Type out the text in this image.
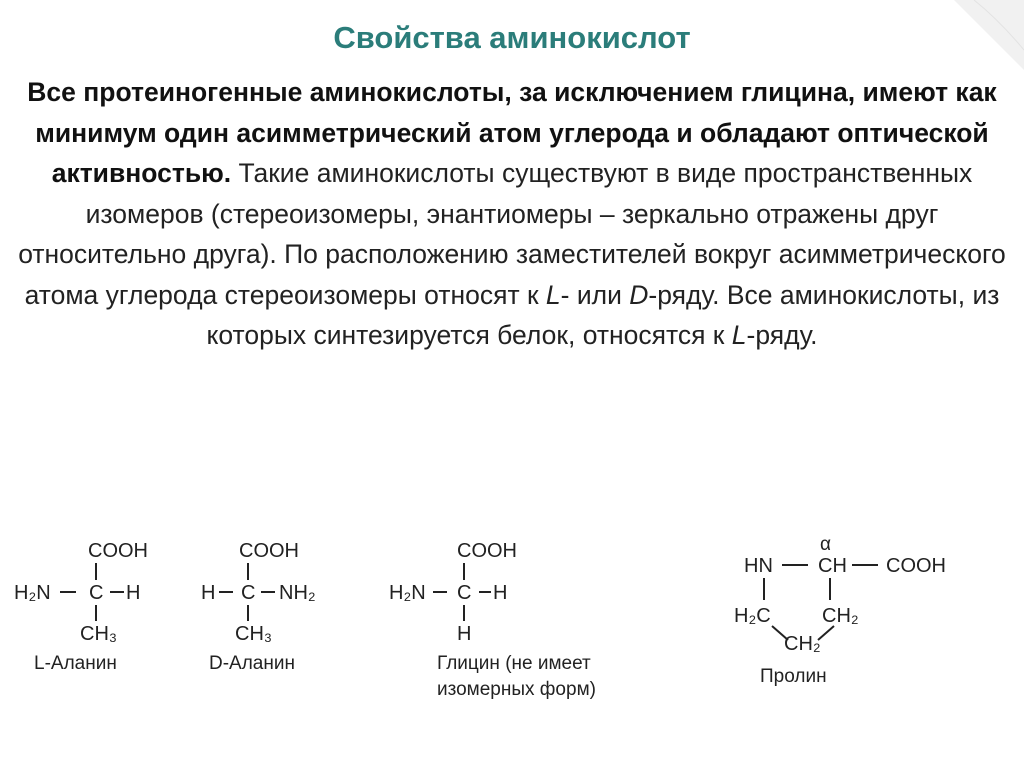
Свойства аминокислот
Все протеиногенные аминокислоты, за исключением глицина, имеют как минимум один асимметрический атом углерода и обладают оптической активностью. Такие аминокислоты существуют в виде пространственных изомеров (стереоизомеры, энантиомеры – зеркально отражены друг относительно друга). По расположению заместителей вокруг асимметрического атома углерода стереоизомеры относят к L- или D-ряду. Все аминокислоты, из которых синтезируется белок, относятся к L-ряду.
COOH
H₂N C H
CH₃
L-Аланин
COOH
H C NH₂
CH₃
D-Аланин
COOH
H₂N C H
H
Глицин (не имеет
изомерных форм)
α
HN CH COOH
H₂C	CH₂
CH₂
Пролин
